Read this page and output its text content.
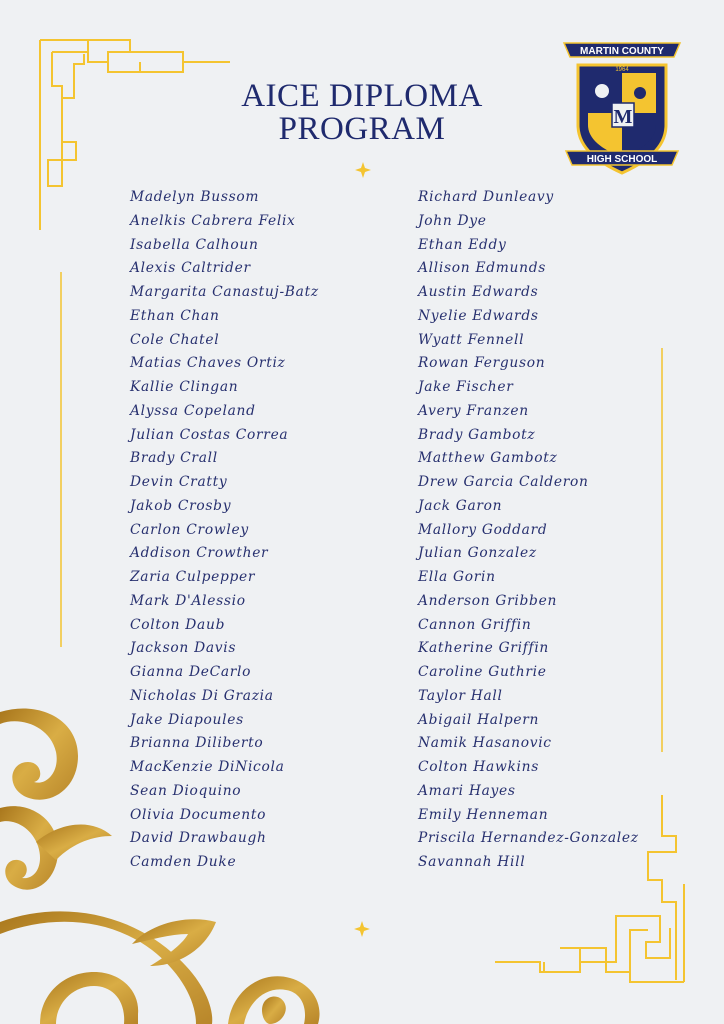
M
MARTIN COUNTY
HIGH SCHOOL
1964
AICE DIPLOMA
PROGRAM
Madelyn Bussom
Anelkis Cabrera Felix
Isabella Calhoun
Alexis Caltrider
Margarita Canastuj-Batz
Ethan Chan
Cole Chatel
Matias Chaves Ortiz
Kallie Clingan
Alyssa Copeland
Julian Costas Correa
Brady Crall
Devin Cratty
Jakob Crosby
Carlon Crowley
Addison Crowther
Zaria Culpepper
Mark D'Alessio
Colton Daub
Jackson Davis
Gianna DeCarlo
Nicholas Di Grazia
Jake Diapoules
Brianna Diliberto
MacKenzie DiNicola
Sean Dioquino
Olivia Documento
David Drawbaugh
Camden Duke
Richard Dunleavy
John Dye
Ethan Eddy
Allison Edmunds
Austin Edwards
Nyelie Edwards
Wyatt Fennell
Rowan Ferguson
Jake Fischer
Avery Franzen
Brady Gambotz
Matthew Gambotz
Drew Garcia Calderon
Jack Garon
Mallory Goddard
Julian Gonzalez
Ella Gorin
Anderson Gribben
Cannon Griffin
Katherine Griffin
Caroline Guthrie
Taylor Hall
Abigail Halpern
Namik Hasanovic
Colton Hawkins
Amari Hayes
Emily Henneman
Priscila Hernandez-Gonzalez
Savannah Hill
